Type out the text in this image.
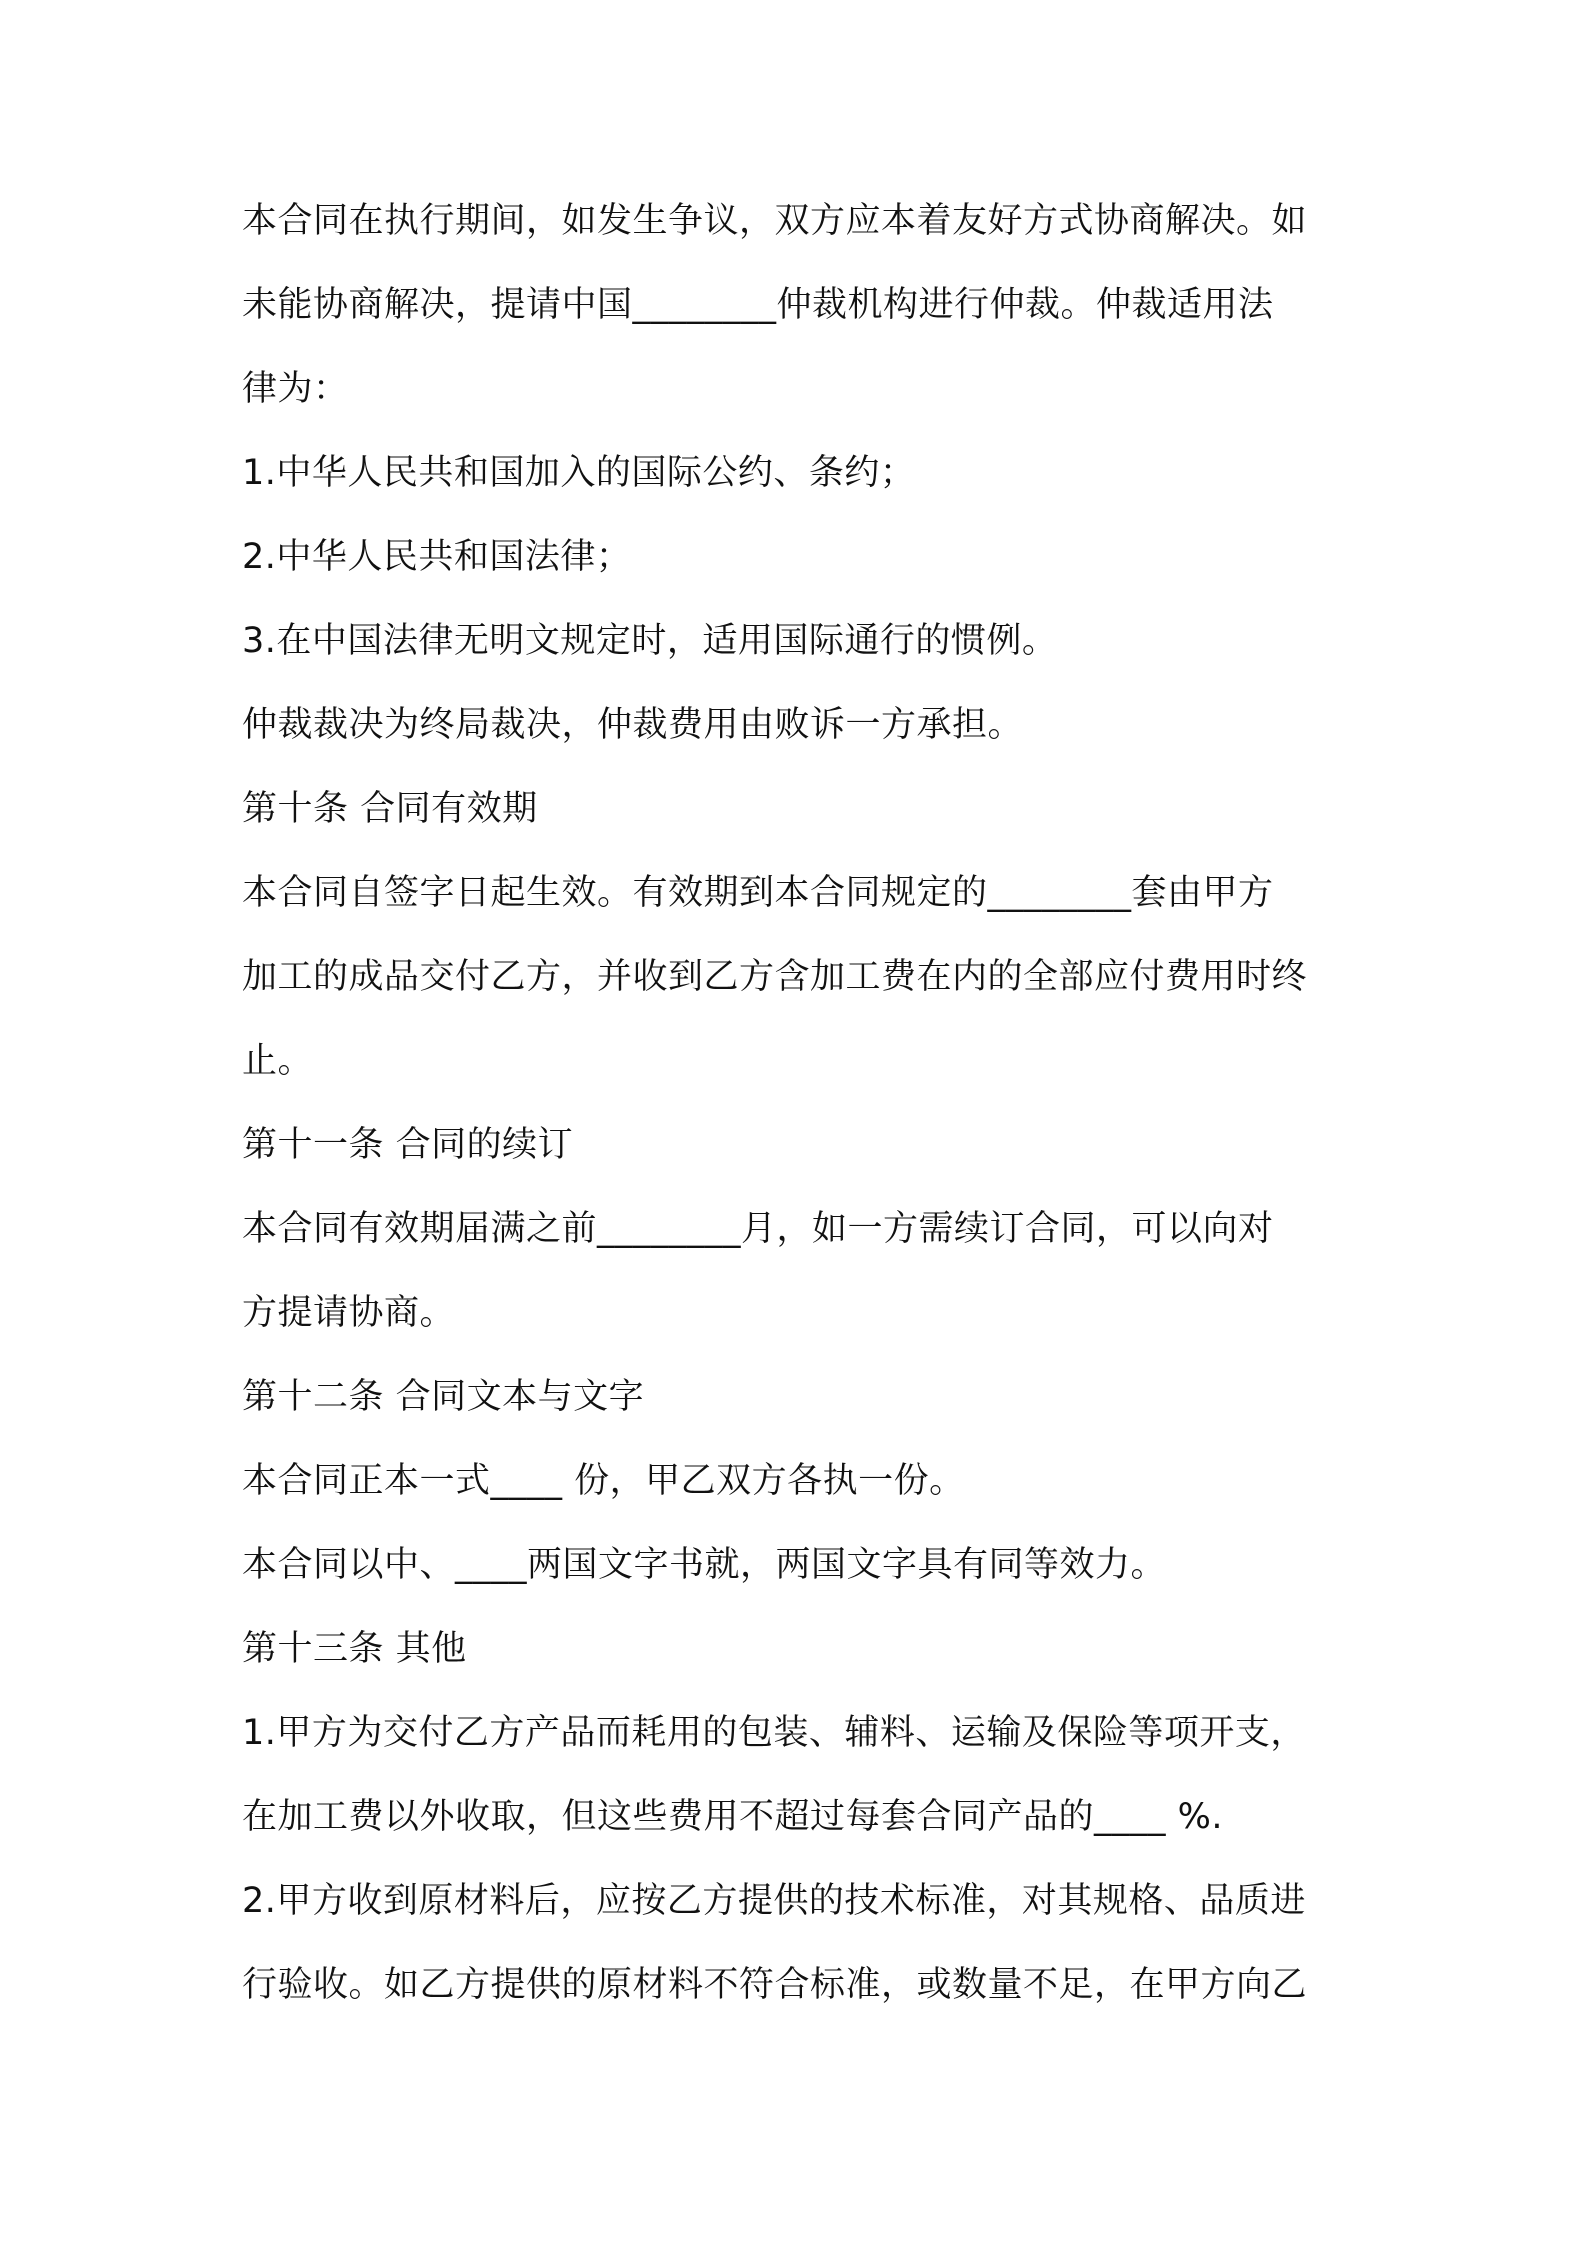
本合同在执行期间，如发生争议，双方应本着友好方式协商解决。如

未能协商解决，提请中国________仲裁机构进行仲裁。仲裁适用法

律为：

1.中华人民共和国加入的国际公约、条约；

2.中华人民共和国法律；

3.在中国法律无明文规定时，适用国际通行的惯例。

仲裁裁决为终局裁决，仲裁费用由败诉一方承担。

第十条 合同有效期

本合同自签字日起生效。有效期到本合同规定的________套由甲方

加工的成品交付乙方，并收到乙方含加工费在内的全部应付费用时终

止。

第十一条 合同的续订

本合同有效期届满之前________月，如一方需续订合同，可以向对

方提请协商。

第十二条 合同文本与文字

本合同正本一式____ 份，甲乙双方各执一份。

本合同以中、____两国文字书就，两国文字具有同等效力。

第十三条 其他

1.甲方为交付乙方产品而耗用的包装、辅料、运输及保险等项开支，

在加工费以外收取，但这些费用不超过每套合同产品的____ %.

2.甲方收到原材料后，应按乙方提供的技术标准，对其规格、品质进

行验收。如乙方提供的原材料不符合标准，或数量不足，在甲方向乙
